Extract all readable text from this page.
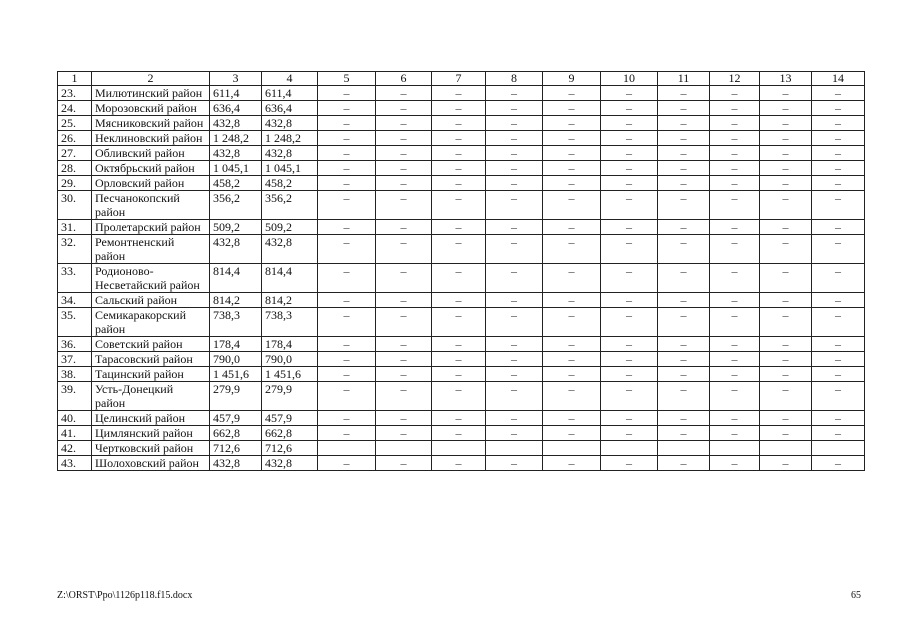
1	2	3	4	5	6	7	8	9	10	11	12	13	14
23.	Милютинский район	611,4	611,4	–	–	–	–	–	–	–	–	–	–
24.	Морозовский район	636,4	636,4	–	–	–	–	–	–	–	–	–	–
25.	Мясниковский район	432,8	432,8	–	–	–	–	–	–	–	–	–	–
26.	Неклиновский район	1 248,2	1 248,2	–	–	–	–	–	–	–	–	–	–
27.	Обливский район	432,8	432,8	–	–	–	–	–	–	–	–	–	–
28.	Октябрьский район	1 045,1	1 045,1	–	–	–	–	–	–	–	–	–	–
29.	Орловский район	458,2	458,2	–	–	–	–	–	–	–	–	–	–
30.	Песчанокопский район	356,2	356,2	–	–	–	–	–	–	–	–	–	–
31.	Пролетарский район	509,2	509,2	–	–	–	–	–	–	–	–	–	–
32.	Ремонтненский район	432,8	432,8	–	–	–	–	–	–	–	–	–	–
33.	Родионово-Несветайский район	814,4	814,4	–	–	–	–	–	–	–	–	–	–
34.	Сальский район	814,2	814,2	–	–	–	–	–	–	–	–	–	–
35.	Семикаракорский район	738,3	738,3	–	–	–	–	–	–	–	–	–	–
36.	Советский район	178,4	178,4	–	–	–	–	–	–	–	–	–	–
37.	Тарасовский район	790,0	790,0	–	–	–	–	–	–	–	–	–	–
38.	Тацинский район	1 451,6	1 451,6	–	–	–	–	–	–	–	–	–	–
39.	Усть-Донецкий район	279,9	279,9	–	–	–	–	–	–	–	–	–	–
40.	Целинский район	457,9	457,9	–	–	–	–	–	–	–	–	–	–
41.	Цимлянский район	662,8	662,8	–	–	–	–	–	–	–	–	–	–
42.	Чертковский район	712,6	712,6										
43.	Шолоховский район	432,8	432,8	–	–	–	–	–	–	–	–	–	–
Z:\ORST\Ppo\1126p118.f15.docx	65
